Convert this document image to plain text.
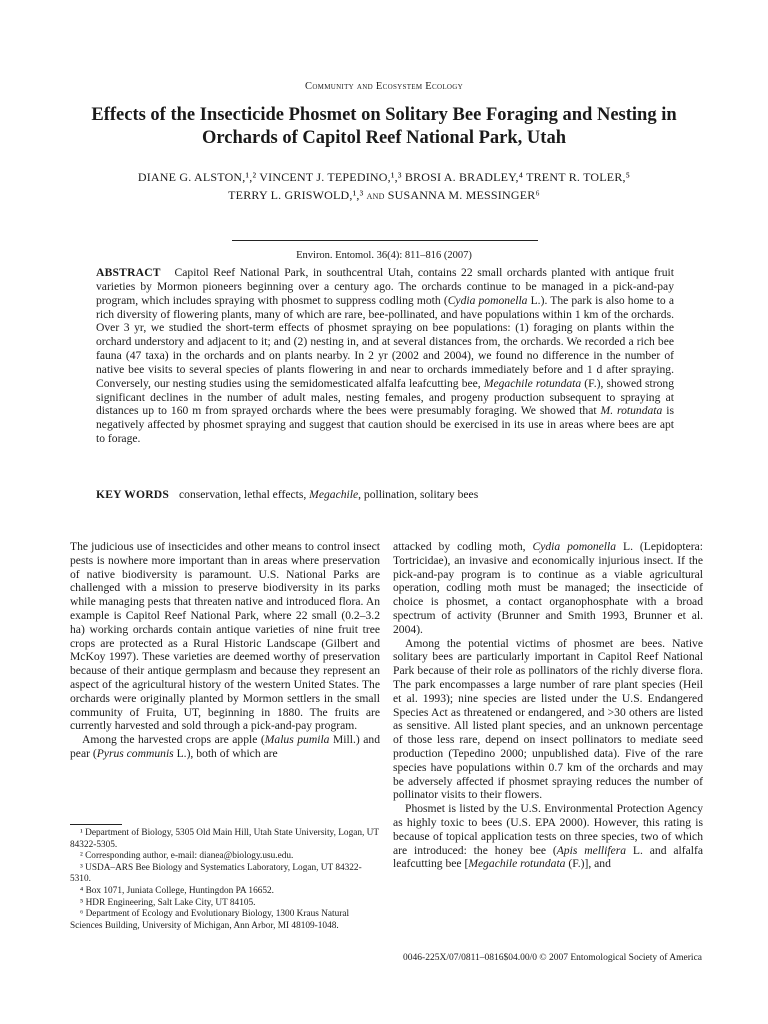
Community and Ecosystem Ecology
Effects of the Insecticide Phosmet on Solitary Bee Foraging and Nesting in Orchards of Capitol Reef National Park, Utah
DIANE G. ALSTON,¹,² VINCENT J. TEPEDINO,¹,³ BROSI A. BRADLEY,⁴ TRENT R. TOLER,⁵
TERRY L. GRISWOLD,¹,³ and SUSANNA M. MESSINGER⁶
Environ. Entomol. 36(4): 811–816 (2007)
ABSTRACT Capitol Reef National Park, in southcentral Utah, contains 22 small orchards planted with antique fruit varieties by Mormon pioneers beginning over a century ago. The orchards continue to be managed in a pick-and-pay program, which includes spraying with phosmet to suppress codling moth (Cydia pomonella L.). The park is also home to a rich diversity of flowering plants, many of which are rare, bee-pollinated, and have populations within 1 km of the orchards. Over 3 yr, we studied the short-term effects of phosmet spraying on bee populations: (1) foraging on plants within the orchard understory and adjacent to it; and (2) nesting in, and at several distances from, the orchards. We recorded a rich bee fauna (47 taxa) in the orchards and on plants nearby. In 2 yr (2002 and 2004), we found no difference in the number of native bee visits to several species of plants flowering in and near to orchards immediately before and 1 d after spraying. Conversely, our nesting studies using the semidomesticated alfalfa leafcutting bee, Megachile rotundata (F.), showed strong significant declines in the number of adult males, nesting females, and progeny production subsequent to spraying at distances up to 160 m from sprayed orchards where the bees were presumably foraging. We showed that M. rotundata is negatively affected by phosmet spraying and suggest that caution should be exercised in its use in areas where bees are apt to forage.
KEY WORDS conservation, lethal effects, Megachile, pollination, solitary bees

The judicious use of insecticides and other means to control insect pests is nowhere more important than in areas where preservation of native biodiversity is paramount. U.S. National Parks are challenged with a mission to preserve biodiversity in its parks while managing pests that threaten native and introduced flora. An example is Capitol Reef National Park, where 22 small (0.2–3.2 ha) working orchards contain antique varieties of nine fruit tree crops are protected as a Rural Historic Landscape (Gilbert and McKoy 1997). These varieties are deemed worthy of preservation because of their antique germplasm and because they represent an aspect of the agricultural history of the western United States. The orchards were originally planted by Mormon settlers in the small community of Fruita, UT, beginning in 1880. The fruits are currently harvested and sold through a pick-and-pay program.

Among the harvested crops are apple (Malus pumila Mill.) and pear (Pyrus communis L.), both of which are

¹ Department of Biology, 5305 Old Main Hill, Utah State University, Logan, UT 84322-5305.
² Corresponding author, e-mail: dianea@biology.usu.edu.
³ USDA–ARS Bee Biology and Systematics Laboratory, Logan, UT 84322-5310.
⁴ Box 1071, Juniata College, Huntingdon PA 16652.
⁵ HDR Engineering, Salt Lake City, UT 84105.
⁶ Department of Ecology and Evolutionary Biology, 1300 Kraus Natural Sciences Building, University of Michigan, Ann Arbor, MI 48109-1048.

attacked by codling moth, Cydia pomonella L. (Lepidoptera: Tortricidae), an invasive and economically injurious insect. If the pick-and-pay program is to continue as a viable agricultural operation, codling moth must be managed; the insecticide of choice is phosmet, a contact organophosphate with a broad spectrum of activity (Brunner and Smith 1993, Brunner et al. 2004).

Among the potential victims of phosmet are bees. Native solitary bees are particularly important in Capitol Reef National Park because of their role as pollinators of the richly diverse flora. The park encompasses a large number of rare plant species (Heil et al. 1993); nine species are listed under the U.S. Endangered Species Act as threatened or endangered, and >30 others are listed as sensitive. All listed plant species, and an unknown percentage of those less rare, depend on insect pollinators to mediate seed production (Tepedino 2000; unpublished data). Five of the rare species have populations within 0.7 km of the orchards and may be adversely affected if phosmet spraying reduces the number of pollinator visits to their flowers.

Phosmet is listed by the U.S. Environmental Protection Agency as highly toxic to bees (U.S. EPA 2000). However, this rating is because of topical application tests on three species, two of which are introduced: the honey bee (Apis mellifera L. and alfalfa leafcutting bee [Megachile rotundata (F.)], and

0046-225X/07/0811–0816$04.00/0 © 2007 Entomological Society of America
